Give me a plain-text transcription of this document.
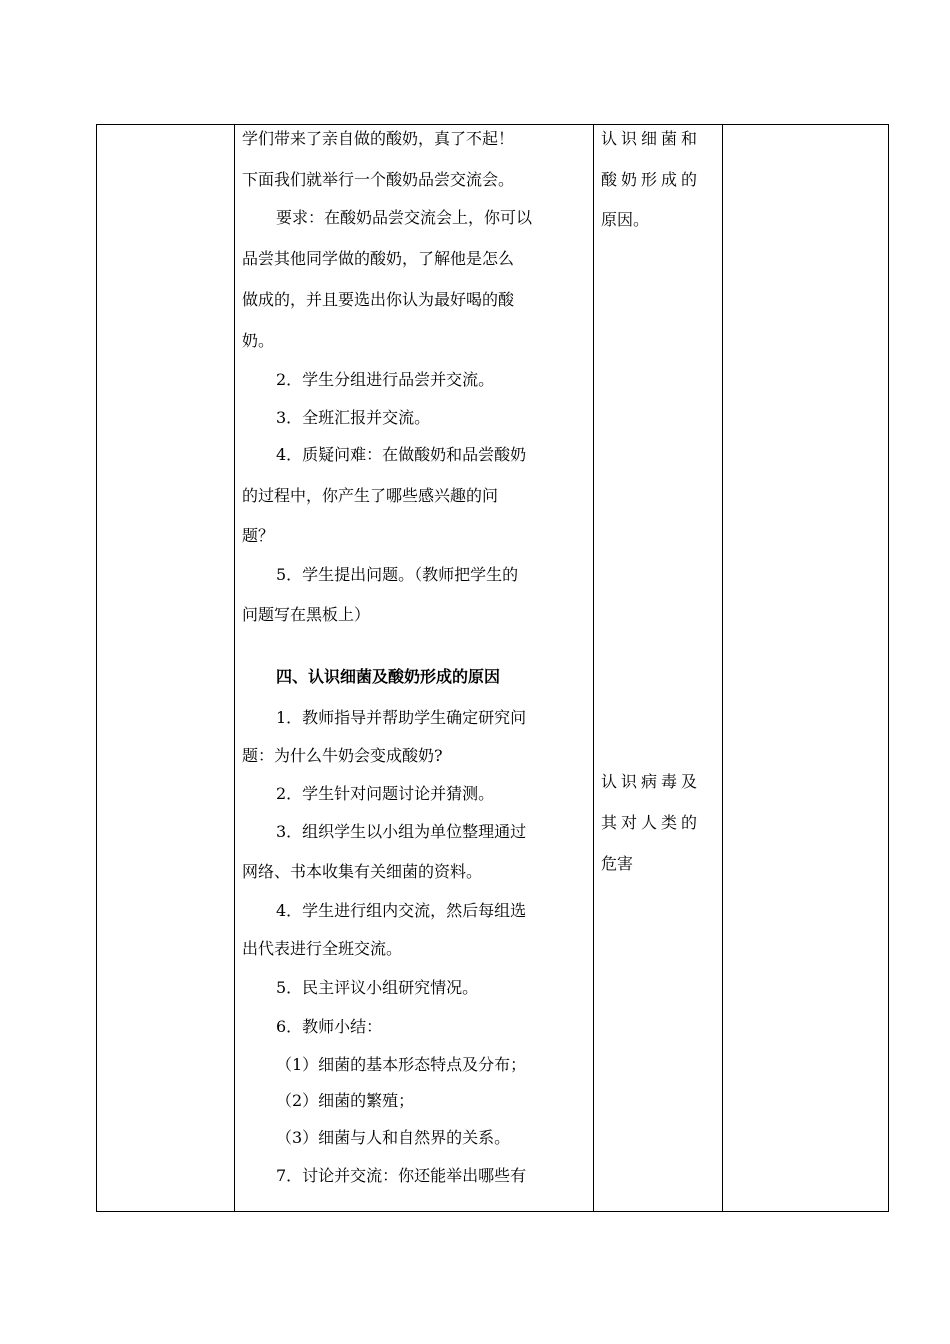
学们带来了亲自做的酸奶，真了不起！
下面我们就举行一个酸奶品尝交流会。
要求：在酸奶品尝交流会上，你可以
品尝其他同学做的酸奶，了解他是怎么
做成的，并且要选出你认为最好喝的酸
奶。
2．学生分组进行品尝并交流。
3．全班汇报并交流。
4．质疑问难：在做酸奶和品尝酸奶
的过程中，你产生了哪些感兴趣的问
题？
5．学生提出问题。（教师把学生的
问题写在黑板上）
四、认识细菌及酸奶形成的原因
1．教师指导并帮助学生确定研究问
题：为什么牛奶会变成酸奶?
2．学生针对问题讨论并猜测。
3．组织学生以小组为单位整理通过
网络、书本收集有关细菌的资料。
4．学生进行组内交流，然后每组选
出代表进行全班交流。
5．民主评议小组研究情况。
6．教师小结：
（1）细菌的基本形态特点及分布；
（2）细菌的繁殖；
（3）细菌与人和自然界的关系。
7．讨论并交流：你还能举出哪些有
认识细菌和
酸奶形成的
原因。
认识病毒及
其对人类的
危害
